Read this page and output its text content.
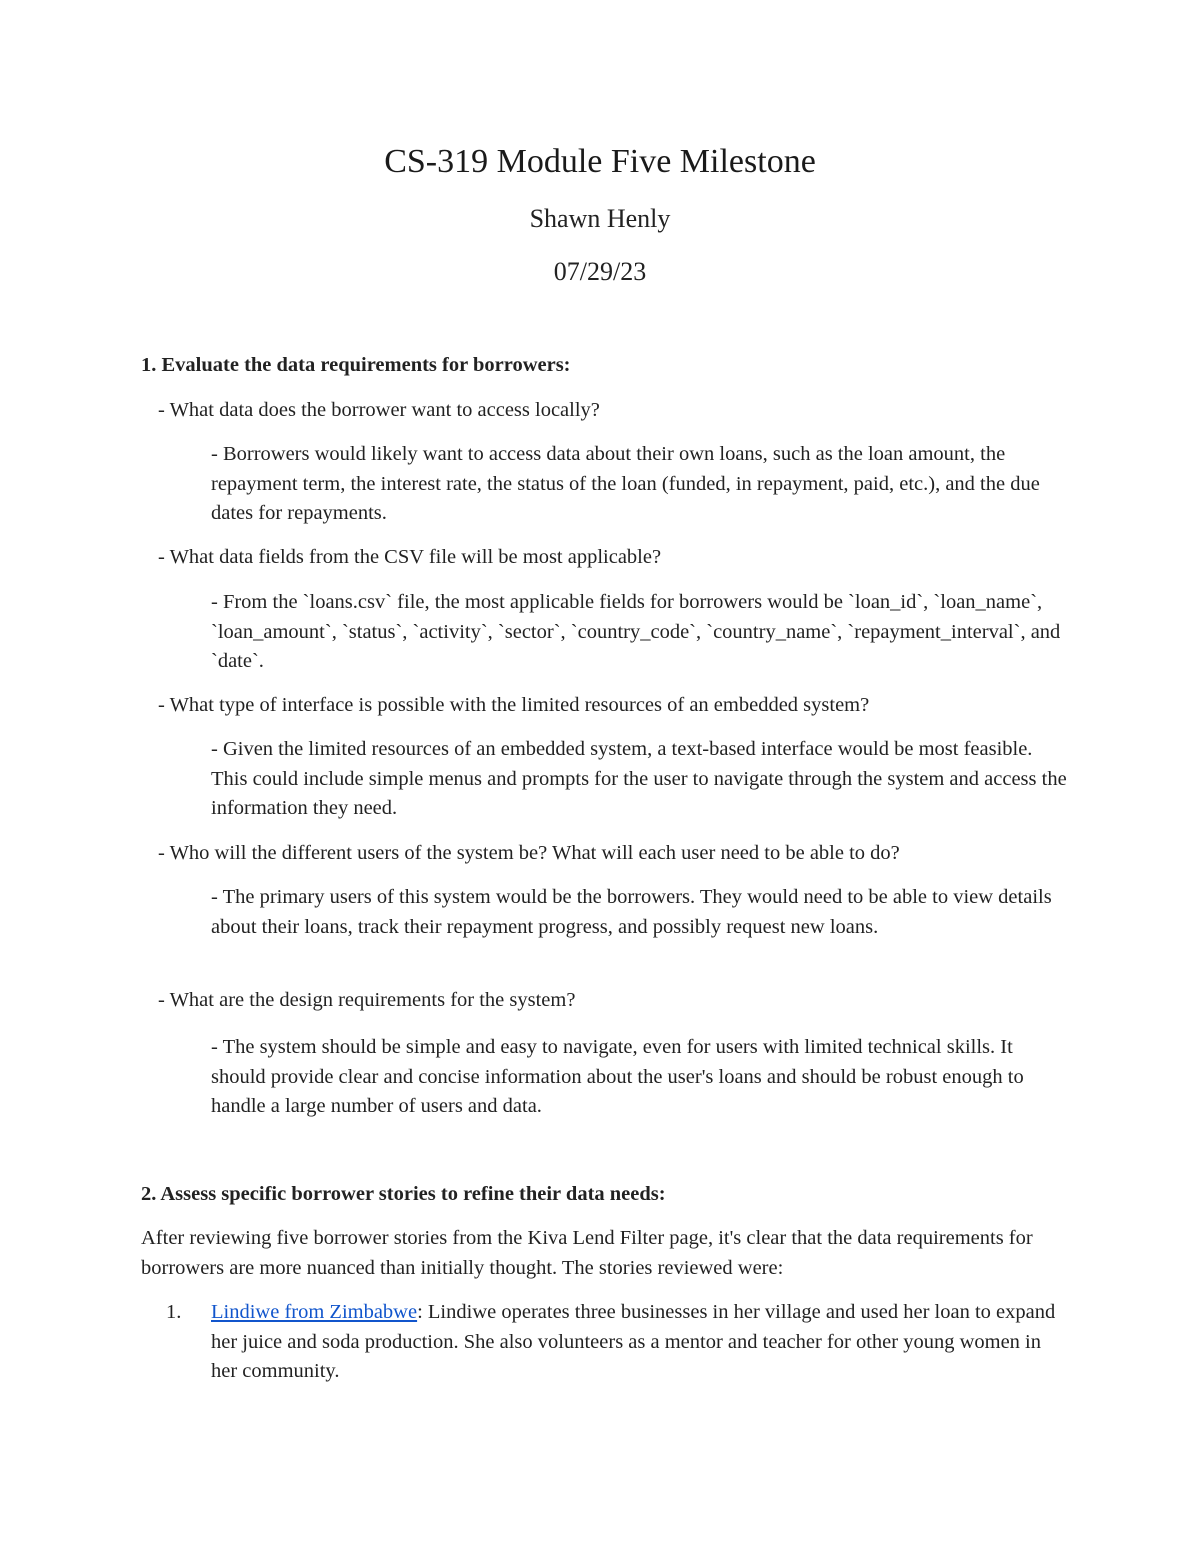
CS-319 Module Five Milestone
Shawn Henly
07/29/23
1. Evaluate the data requirements for borrowers:
- What data does the borrower want to access locally?
- Borrowers would likely want to access data about their own loans, such as the loan amount, the repayment term, the interest rate, the status of the loan (funded, in repayment, paid, etc.), and the due dates for repayments.
- What data fields from the CSV file will be most applicable?
- From the `loans.csv` file, the most applicable fields for borrowers would be `loan_id`, `loan_name`, `loan_amount`, `status`, `activity`, `sector`, `country_code`, `country_name`, `repayment_interval`, and `date`.
- What type of interface is possible with the limited resources of an embedded system?
- Given the limited resources of an embedded system, a text-based interface would be most feasible. This could include simple menus and prompts for the user to navigate through the system and access the information they need.
- Who will the different users of the system be? What will each user need to be able to do?
- The primary users of this system would be the borrowers. They would need to be able to view details about their loans, track their repayment progress, and possibly request new loans.
- What are the design requirements for the system?
- The system should be simple and easy to navigate, even for users with limited technical skills. It should provide clear and concise information about the user's loans and should be robust enough to handle a large number of users and data.
2. Assess specific borrower stories to refine their data needs:
After reviewing five borrower stories from the Kiva Lend Filter page, it's clear that the data requirements for borrowers are more nuanced than initially thought. The stories reviewed were:
1. Lindiwe from Zimbabwe: Lindiwe operates three businesses in her village and used her loan to expand her juice and soda production. She also volunteers as a mentor and teacher for other young women in her community.
